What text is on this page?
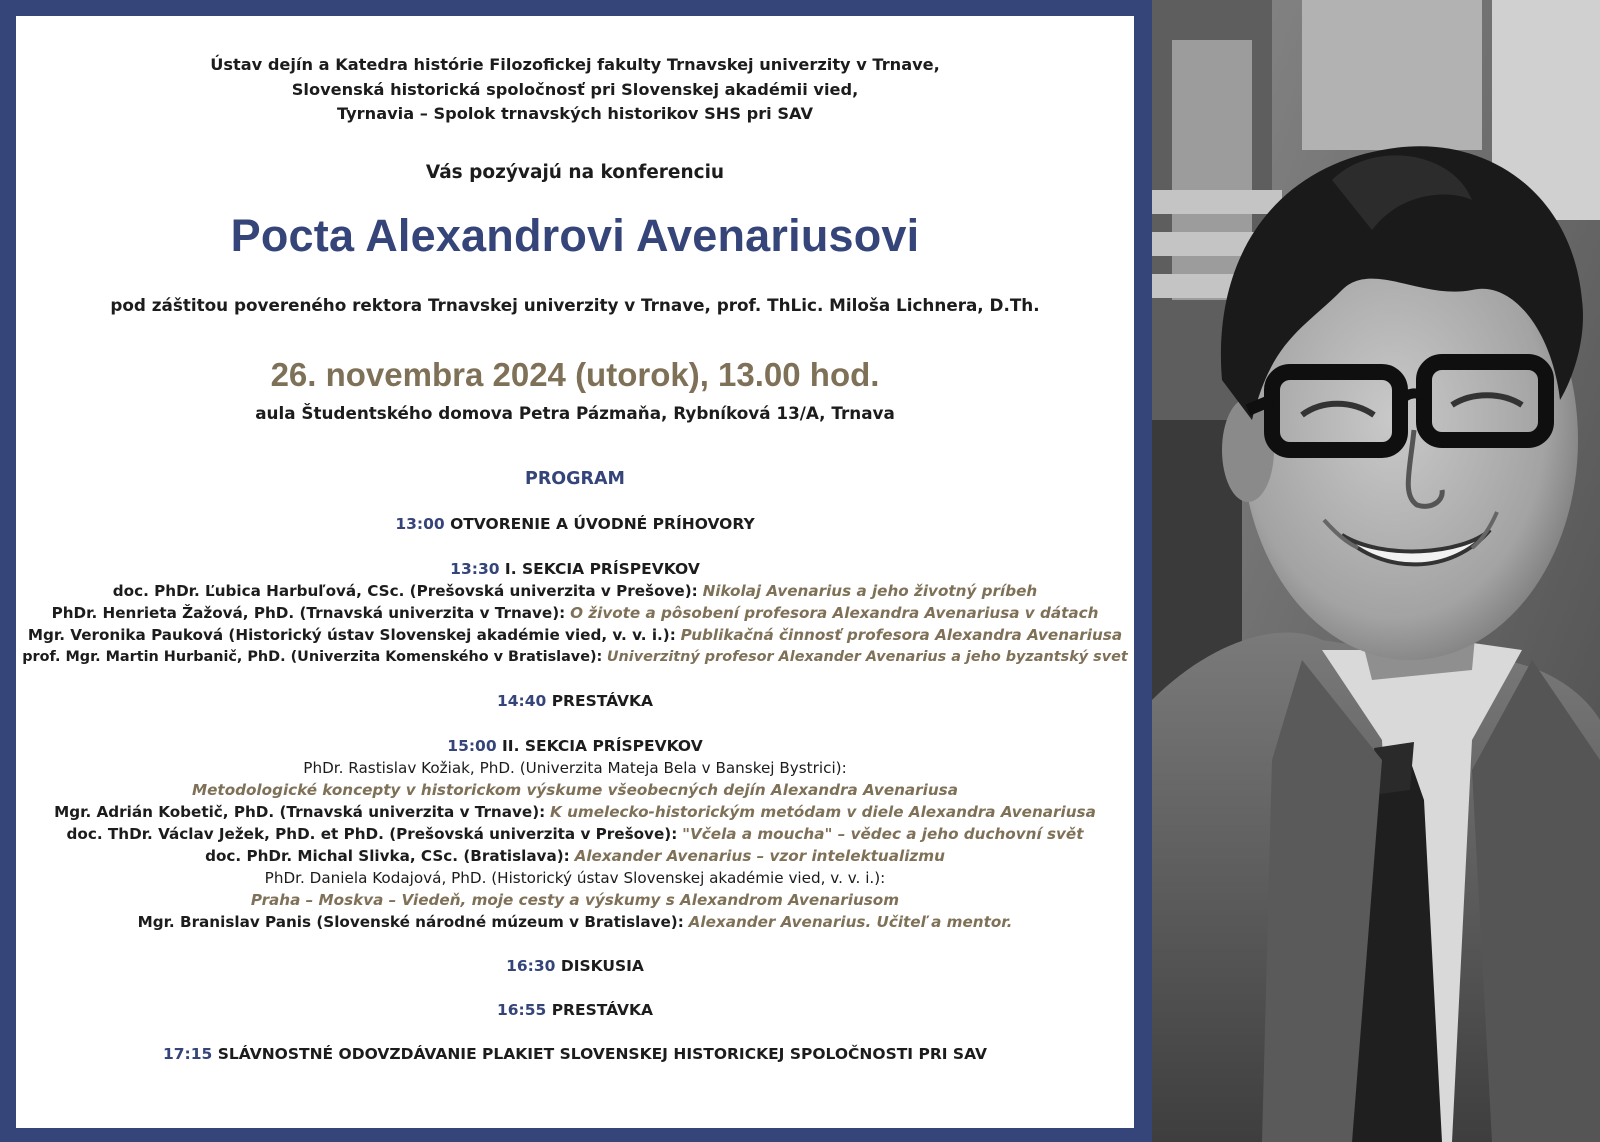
Ústav dejín a Katedra histórie Filozofickej fakulty Trnavskej univerzity v Trnave,
Slovenská historická spoločnosť pri Slovenskej akadémii vied,
Tyrnavia – Spolok trnavských historikov SHS pri SAV
Vás pozývajú na konferenciu
Pocta Alexandrovi Avenariusovi
pod záštitou povereného rektora Trnavskej univerzity v Trnave, prof. ThLic. Miloša Lichnera, D.Th.
26. novembra 2024 (utorok), 13.00 hod.
aula Študentského domova Petra Pázmaňa, Rybníková 13/A, Trnava
PROGRAM
13:00 OTVORENIE A ÚVODNÉ PRÍHOVORY
13:30 I. SEKCIA PRÍSPEVKOV
doc. PhDr. Ľubica Harbuľová, CSc. (Prešovská univerzita v Prešove): Nikolaj Avenarius a jeho životný príbeh
PhDr. Henrieta Žažová, PhD. (Trnavská univerzita v Trnave): O živote a pôsobení profesora Alexandra Avenariusa v dátach
Mgr. Veronika Pauková (Historický ústav Slovenskej akadémie vied, v. v. i.): Publikačná činnosť profesora Alexandra Avenariusa
prof. Mgr. Martin Hurbanič, PhD. (Univerzita Komenského v Bratislave): Univerzitný profesor Alexander Avenarius a jeho byzantský svet
14:40 PRESTÁVKA
15:00 II. SEKCIA PRÍSPEVKOV
PhDr. Rastislav Kožiak, PhD. (Univerzita Mateja Bela v Banskej Bystrici):
Metodologické koncepty v historickom výskume všeobecných dejín Alexandra Avenariusa
Mgr. Adrián Kobetič, PhD. (Trnavská univerzita v Trnave): K umelecko-historickým metódam v diele Alexandra Avenariusa
doc. ThDr. Václav Ježek, PhD. et PhD. (Prešovská univerzita v Prešove): "Včela a moucha" – vědec a jeho duchovní svět
doc. PhDr. Michal Slivka, CSc. (Bratislava): Alexander Avenarius – vzor intelektualizmu
PhDr. Daniela Kodajová, PhD. (Historický ústav Slovenskej akadémie vied, v. v. i.):
Praha – Moskva – Viedeň, moje cesty a výskumy s Alexandrom Avenariusom
Mgr. Branislav Panis (Slovenské národné múzeum v Bratislave): Alexander Avenarius. Učiteľ a mentor.
16:30 DISKUSIA
16:55 PRESTÁVKA
17:15 SLÁVNOSTNÉ ODOVZDÁVANIE PLAKIET SLOVENSKEJ HISTORICKEJ SPOLOČNOSTI PRI SAV
